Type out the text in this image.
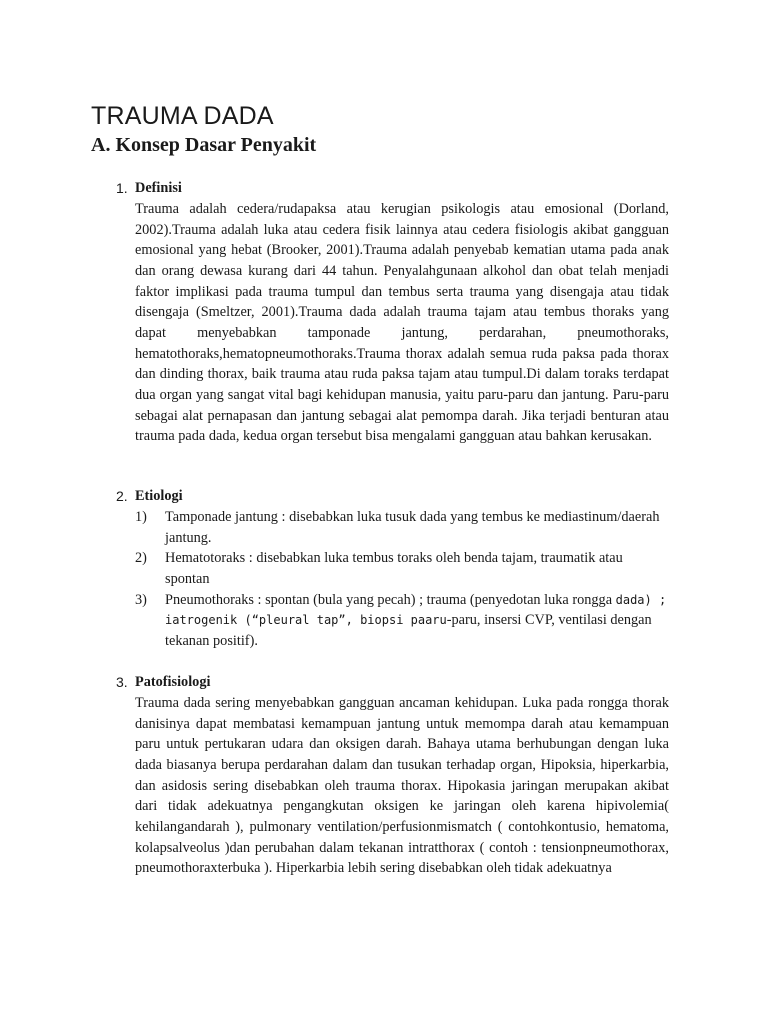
TRAUMA DADA
A. Konsep Dasar Penyakit
1. Definisi

Trauma adalah cedera/rudapaksa atau kerugian psikologis atau emosional (Dorland, 2002).Trauma adalah luka atau cedera fisik lainnya atau cedera fisiologis akibat gangguan emosional yang hebat (Brooker, 2001).Trauma adalah penyebab kematian utama pada anak dan orang dewasa kurang dari 44 tahun. Penyalahgunaan alkohol dan obat telah menjadi faktor implikasi pada trauma tumpul dan tembus serta trauma yang disengaja atau tidak disengaja (Smeltzer, 2001).Trauma dada adalah trauma tajam atau tembus thoraks yang dapat menyebabkan tamponade jantung, perdarahan, pneumothoraks, hematothoraks,hematopneumothoraks.Trauma thorax adalah semua ruda paksa pada thorax dan dinding thorax, baik trauma atau ruda paksa tajam atau tumpul.Di dalam toraks terdapat dua organ yang sangat vital bagi kehidupan manusia, yaitu paru-paru dan jantung. Paru-paru sebagai alat pernapasan dan jantung sebagai alat pemompa darah. Jika terjadi benturan atau trauma pada dada, kedua organ tersebut bisa mengalami gangguan atau bahkan kerusakan.

2. Etiologi
1) Tamponade jantung : disebabkan luka tusuk dada yang tembus ke mediastinum/daerah jantung.
2) Hematotoraks : disebabkan luka tembus toraks oleh benda tajam, traumatik atau spontan
3) Pneumothoraks : spontan (bula yang pecah) ; trauma (penyedotan luka rongga dada) ; iatrogenik (“pleural tap”, biopsi paaru-paru, insersi CVP, ventilasi dengan tekanan positif).
3. Patofisiologi

Trauma dada sering menyebabkan gangguan ancaman kehidupan. Luka pada rongga thorak danisinya dapat membatasi kemampuan jantung untuk memompa darah atau kemampuan paru untuk pertukaran udara dan oksigen darah. Bahaya utama berhubungan dengan luka dada biasanya berupa perdarahan dalam dan tusukan terhadap organ, Hipoksia, hiperkarbia, dan asidosis sering disebabkan oleh trauma thorax. Hipokasia jaringan merupakan akibat dari tidak adekuatnya pengangkutan oksigen ke jaringan oleh karena hipivolemia( kehilangandarah ), pulmonary ventilation/perfusionmismatch ( contohkontusio, hematoma, kolapsalveolus )dan perubahan dalam tekanan intratthorax ( contoh : tensionpneumothorax, pneumothoraxterbuka ). Hiperkarbia lebih sering disebabkan oleh tidak adekuatnya
